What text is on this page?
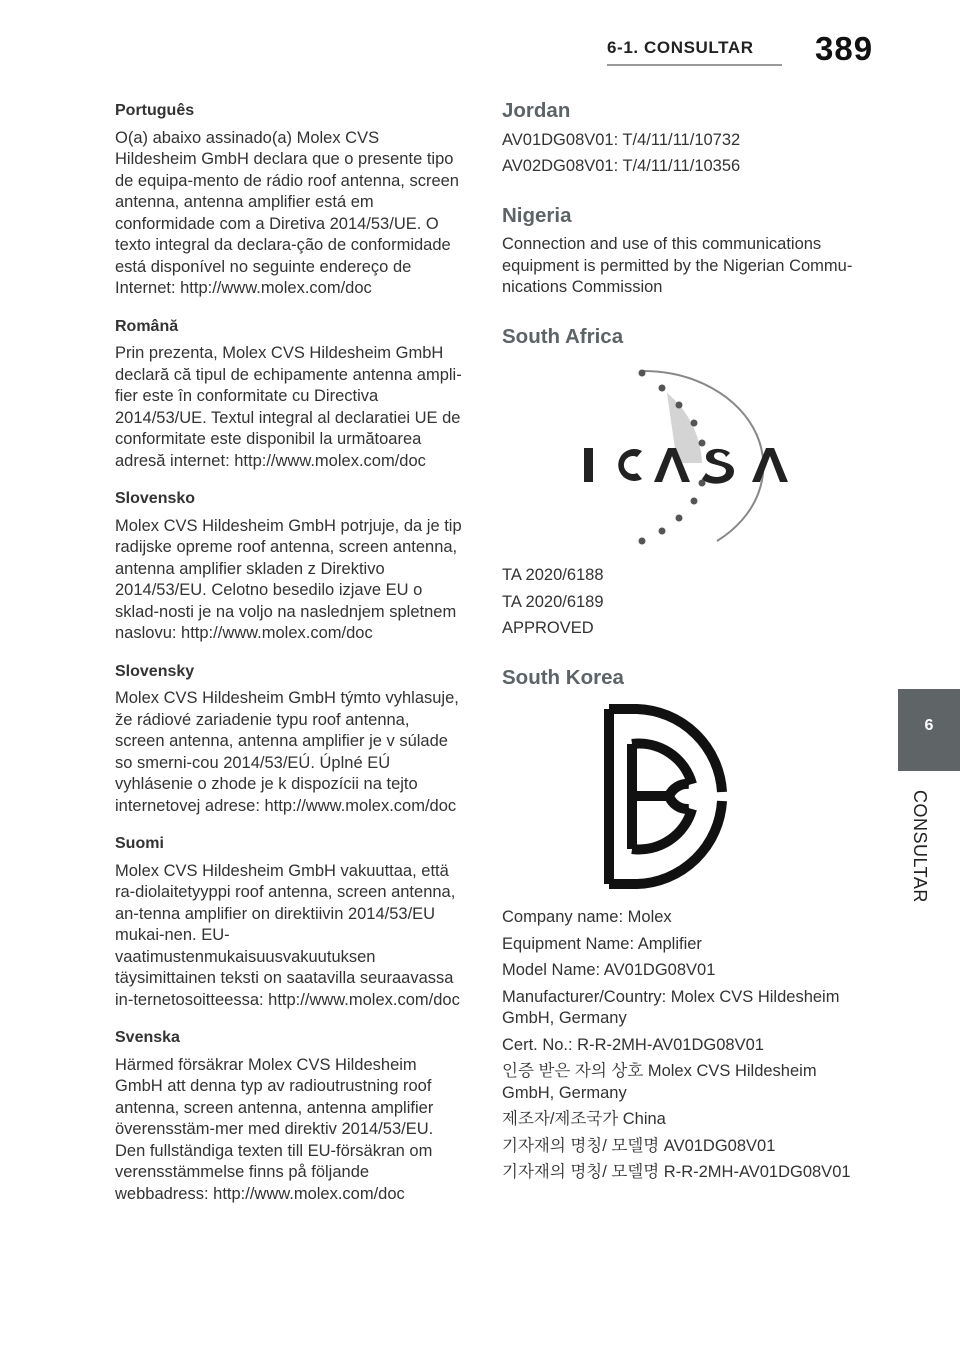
6-1. CONSULTAR 389
6
CONSULTAR
Português
O(a) abaixo assinado(a) Molex CVS Hildesheim GmbH declara que o presente tipo de equipa-mento de rádio roof antenna, screen antenna, antenna amplifier está em conformidade com a Diretiva 2014/53/UE. O texto integral da declara-ção de conformidade está disponível no seguinte endereço de Internet: http://www.molex.com/doc
Română
Prin prezenta, Molex CVS Hildesheim GmbH declară că tipul de echipamente antenna ampli-fier este în conformitate cu Directiva 2014/53/UE. Textul integral al declaratiei UE de conformitate este disponibil la următoarea adresă internet: http://www.molex.com/doc
Slovensko
Molex CVS Hildesheim GmbH potrjuje, da je tip radijske opreme roof antenna, screen antenna, antenna amplifier skladen z Direktivo 2014/53/EU. Celotno besedilo izjave EU o sklad-nosti je na voljo na naslednjem spletnem naslovu: http://www.molex.com/doc
Slovensky
Molex CVS Hildesheim GmbH týmto vyhlasuje, že rádiové zariadenie typu roof antenna, screen antenna, antenna amplifier je v súlade so smerni-cou 2014/53/EÚ. Úplné EÚ vyhlásenie o zhode je k dispozícii na tejto internetovej adrese: http://www.molex.com/doc
Suomi
Molex CVS Hildesheim GmbH vakuuttaa, että ra-diolaitetyyppi roof antenna, screen antenna, an-tenna amplifier on direktiivin 2014/53/EU mukai-nen. EU-vaatimustenmukaisuusvakuutuksen täysimittainen teksti on saatavilla seuraavassa in-ternetosoitteessa: http://www.molex.com/doc
Svenska
Härmed försäkrar Molex CVS Hildesheim GmbH att denna typ av radioutrustning roof antenna, screen antenna, antenna amplifier överensstäm-mer med direktiv 2014/53/EU. Den fullständiga texten till EU-försäkran om verensstämmelse finns på följande webbadress: http://www.molex.com/doc
Jordan
AV01DG08V01: T/4/11/11/10732
AV02DG08V01: T/4/11/11/10356
Nigeria
Connection and use of this communications equipment is permitted by the Nigerian Commu-nications Commission
South Africa
TA 2020/6188
TA 2020/6189
APPROVED
South Korea
Company name: Molex
Equipment Name: Amplifier
Model Name: AV01DG08V01
Manufacturer/Country: Molex CVS Hildesheim GmbH, Germany
Cert. No.: R-R-2MH-AV01DG08V01
인증 받은 자의 상호 Molex CVS Hildesheim GmbH, Germany
제조자/제조국가 China
기자재의 명칭/ 모델명 AV01DG08V01
기자재의 명칭/ 모델명 R-R-2MH-AV01DG08V01
